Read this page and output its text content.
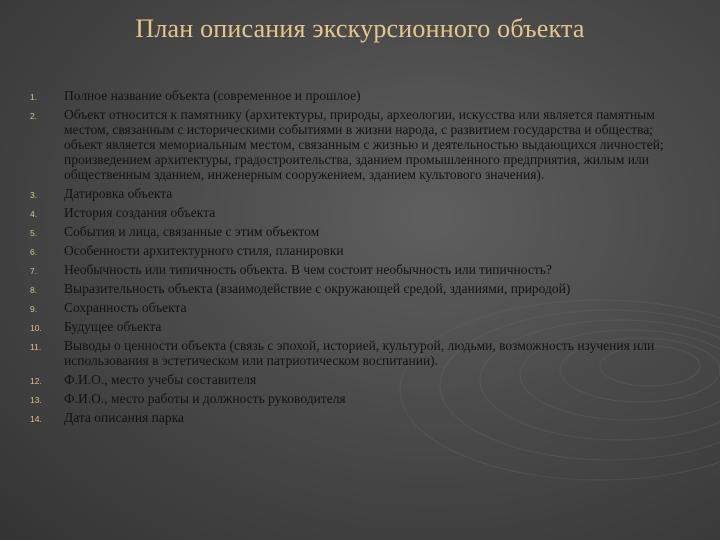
План описания экскурсионного объекта
1.	Полное название объекта (современное и прошлое)
2.	Объект относится к памятнику (архитектуры, природы, археологии, искусства или является памятным местом, связанным с историческими событиями в жизни народа, с развитием государства и общества; объект является мемориальным местом, связанным с жизнью и деятельностью выдающихся личностей; произведением архитектуры, градостроительства, зданием промышленного предприятия, жилым или общественным зданием, инженерным сооружением, зданием культового значения).
3.	Датировка объекта
4.	История создания объекта
5.	События и лица, связанные с этим объектом
6.	Особенности архитектурного стиля, планировки
7.	Необычность или типичность объекта. В чем состоит необычность или типичность?
8.	Выразительность объекта (взаимодействие с окружающей средой, зданиями, природой)
9.	Сохранность объекта
10.	Будущее объекта
11.	Выводы о ценности объекта (связь с эпохой, историей, культурой, людьми, возможность изучения или использования в эстетическом или патриотическом воспитании).
12.	Ф.И.О., место учебы составителя
13.	Ф.И.О., место работы и должность руководителя
14.	Дата описания парка
